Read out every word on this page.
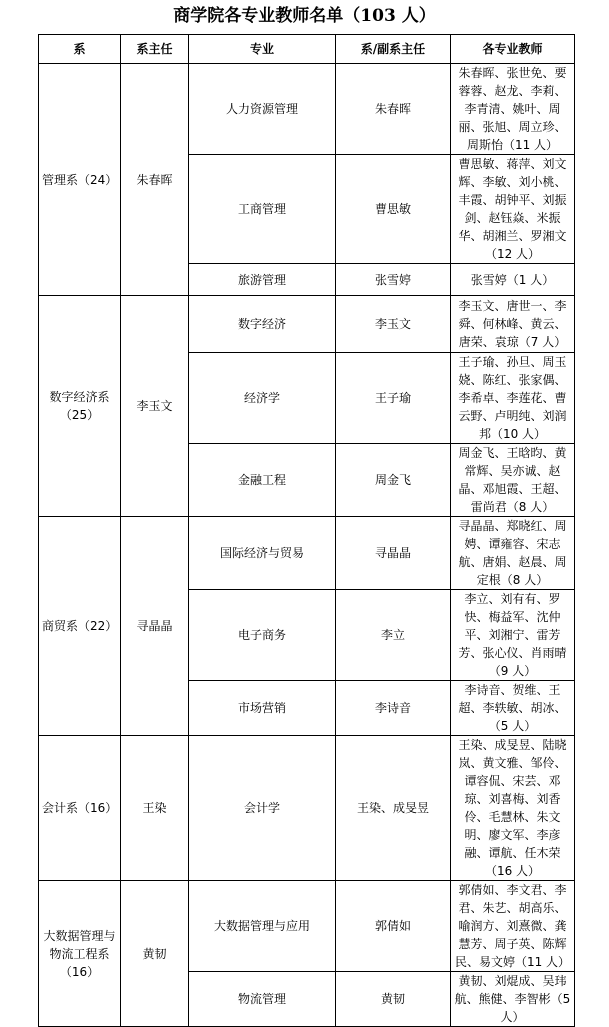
商学院各专业教师名单（103 人）
系	系主任	专业	系/副系主任	各专业教师
管理系（24）	朱春晖	人力资源管理	朱春晖	朱春晖、张世免、要蓉蓉、赵龙、李莉、李青清、姚叶、周丽、张旭、周立珍、周斯怡（11 人）
		工商管理	曹思敏	曹思敏、蒋萍、刘文辉、李敏、刘小桃、丰霞、胡钟平、刘振剑、赵钰焱、米振华、胡湘兰、罗湘文（12 人）
		旅游管理	张雪婷	张雪婷（1 人）
数字经济系（25）	李玉文	数字经济	李玉文	李玉文、唐世一、李舜、何林峰、黄云、唐荣、袁琼（7 人）
		经济学	王子瑜	王子瑜、孙旦、周玉娆、陈红、张家偶、李希卓、李莲花、曹云野、卢明纯、刘润邦（10 人）
		金融工程	周金飞	周金飞、王晗昀、黄常辉、吴亦诚、赵晶、邓旭霞、王超、雷尚君（8 人）
商贸系（22）	寻晶晶	国际经济与贸易	寻晶晶	寻晶晶、郑晓红、周娉、谭雍容、宋志航、唐娟、赵晨、周定根（8 人）
		电子商务	李立	李立、刘有有、罗快、梅益军、沈仲平、刘湘宁、雷芳芳、张心仪、肖雨晴（9 人）
		市场营销	李诗音	李诗音、贺维、王超、李轶敏、胡冰、（5 人）
会计系（16）	王染	会计学	王染、成旻昱	王染、成旻昱、陆晓岚、黄文雅、邹伶、谭容侃、宋芸、邓琼、刘喜梅、刘香伶、毛慧林、朱文明、廖文军、李彦融、谭航、任木荣（16 人）
大数据管理与物流工程系（16）	黄韧	大数据管理与应用	郭倩如	郭倩如、李文君、李君、朱艺、胡高乐、喻润方、刘熹微、龚慧芳、周子英、陈辉民、易文婷（11 人）
		物流管理	黄韧	黄韧、刘焜成、吴玮航、熊健、李智彬（5 人）
